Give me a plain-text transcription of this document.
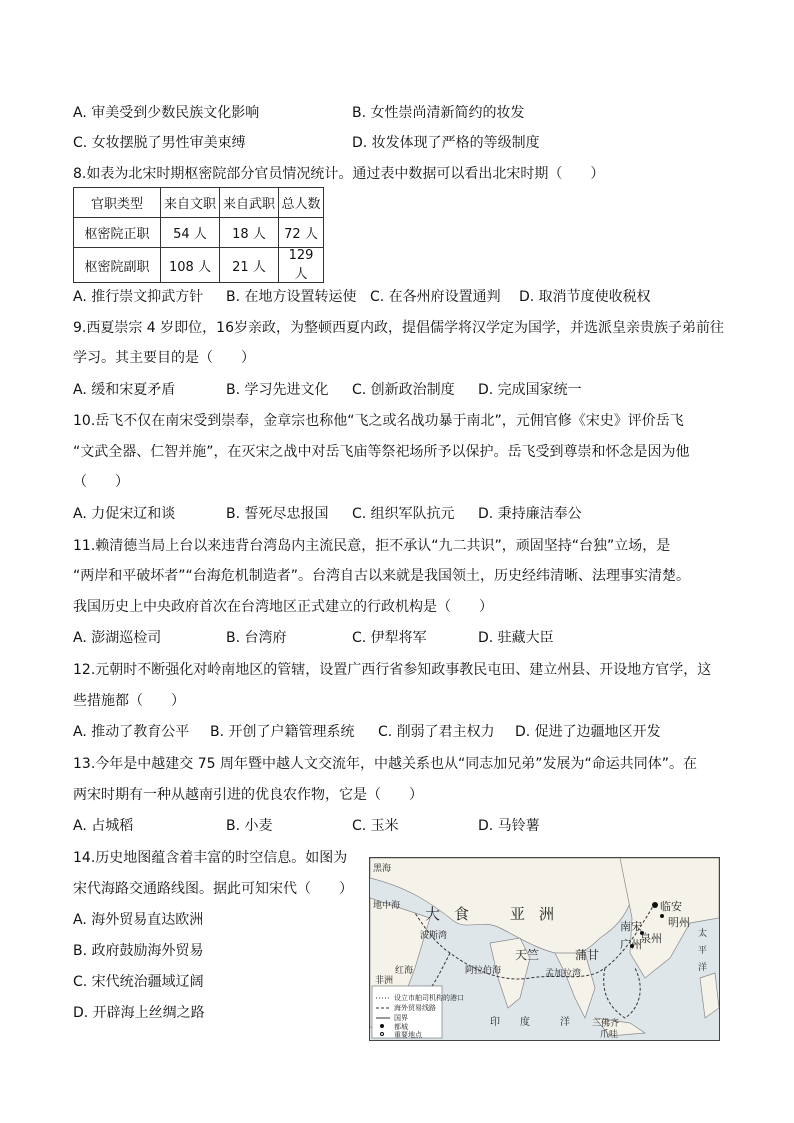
A. 审美受到少数民族文化影响	B. 女性崇尚清新简约的妆发
C. 女妆摆脱了男性审美束缚	D. 妆发体现了严格的等级制度
8.如表为北宋时期枢密院部分官员情况统计。通过表中数据可以看出北宋时期（　　）
官职类型	来自文职	来自武职	总人数
枢密院正职	54 人	18 人	72 人
枢密院副职	108 人	21 人	129 人
A. 推行崇文抑武方针 B. 在地方设置转运使 C. 在各州府设置通判 D. 取消节度使收税权
9.西夏崇宗 4 岁即位，16岁亲政，为整顿西夏内政，提倡儒学将汉学定为国学，并选派皇亲贵族子弟前往
学习。其主要目的是（　　）
A. 缓和宋夏矛盾	B. 学习先进文化 C. 创新政治制度 D. 完成国家统一
10.岳飞不仅在南宋受到崇奉，金章宗也称他“飞之或名战功暴于南北”，元佣官修《宋史》评价岳飞
“文武全器、仁智并施”，在灭宋之战中对岳飞庙等祭祀场所予以保护。岳飞受到尊崇和怀念是因为他
（　　）
A. 力促宋辽和谈	B. 誓死尽忠报国 C. 组织军队抗元 D. 秉持廉洁奉公
11.赖清德当局上台以来违背台湾岛内主流民意，拒不承认“九二共识”，顽固坚持“台独”立场，是
“两岸和平破坏者”“台海危机制造者”。台湾自古以来就是我国领土，历史经纬清晰、法理事实清楚。
我国历史上中央政府首次在台湾地区正式建立的行政机构是（　　）
A. 澎湖巡检司	B. 台湾府	C. 伊犁将军	D. 驻藏大臣
12.元朝时不断强化对岭南地区的管辖，设置广西行省参知政事教民屯田、建立州县、开设地方官学，这
些措施都（　　）
A. 推动了教育公平 B. 开创了户籍管理系统 C. 削弱了君主权力 D. 促进了边疆地区开发
13.今年是中越建交 75 周年暨中越人文交流年，中越关系也从“同志加兄弟”发展为“命运共同体”。在
两宋时期有一种从越南引进的优良农作物，它是（　　）
A. 占城稻	B. 小麦	C. 玉米	D. 马铃薯
14.历史地图蕴含着丰富的时空信息。如图为
宋代海路交通路线图。据此可知宋代（　　）
A. 海外贸易直达欧洲
B. 政府鼓励海外贸易
C. 宋代统治疆域辽阔
D. 开辟海上丝绸之路
黑海
地中海 大食 亚洲
波斯湾
红海
非洲
阿拉伯海
天竺
孟加拉湾
蒲甘
临安
明州
南宋
广州
泉州	太平洋
印度 洋 三佛齐
爪哇
设立市舶司机构的港口
海外贸易线路
国界
都城
重要地点
